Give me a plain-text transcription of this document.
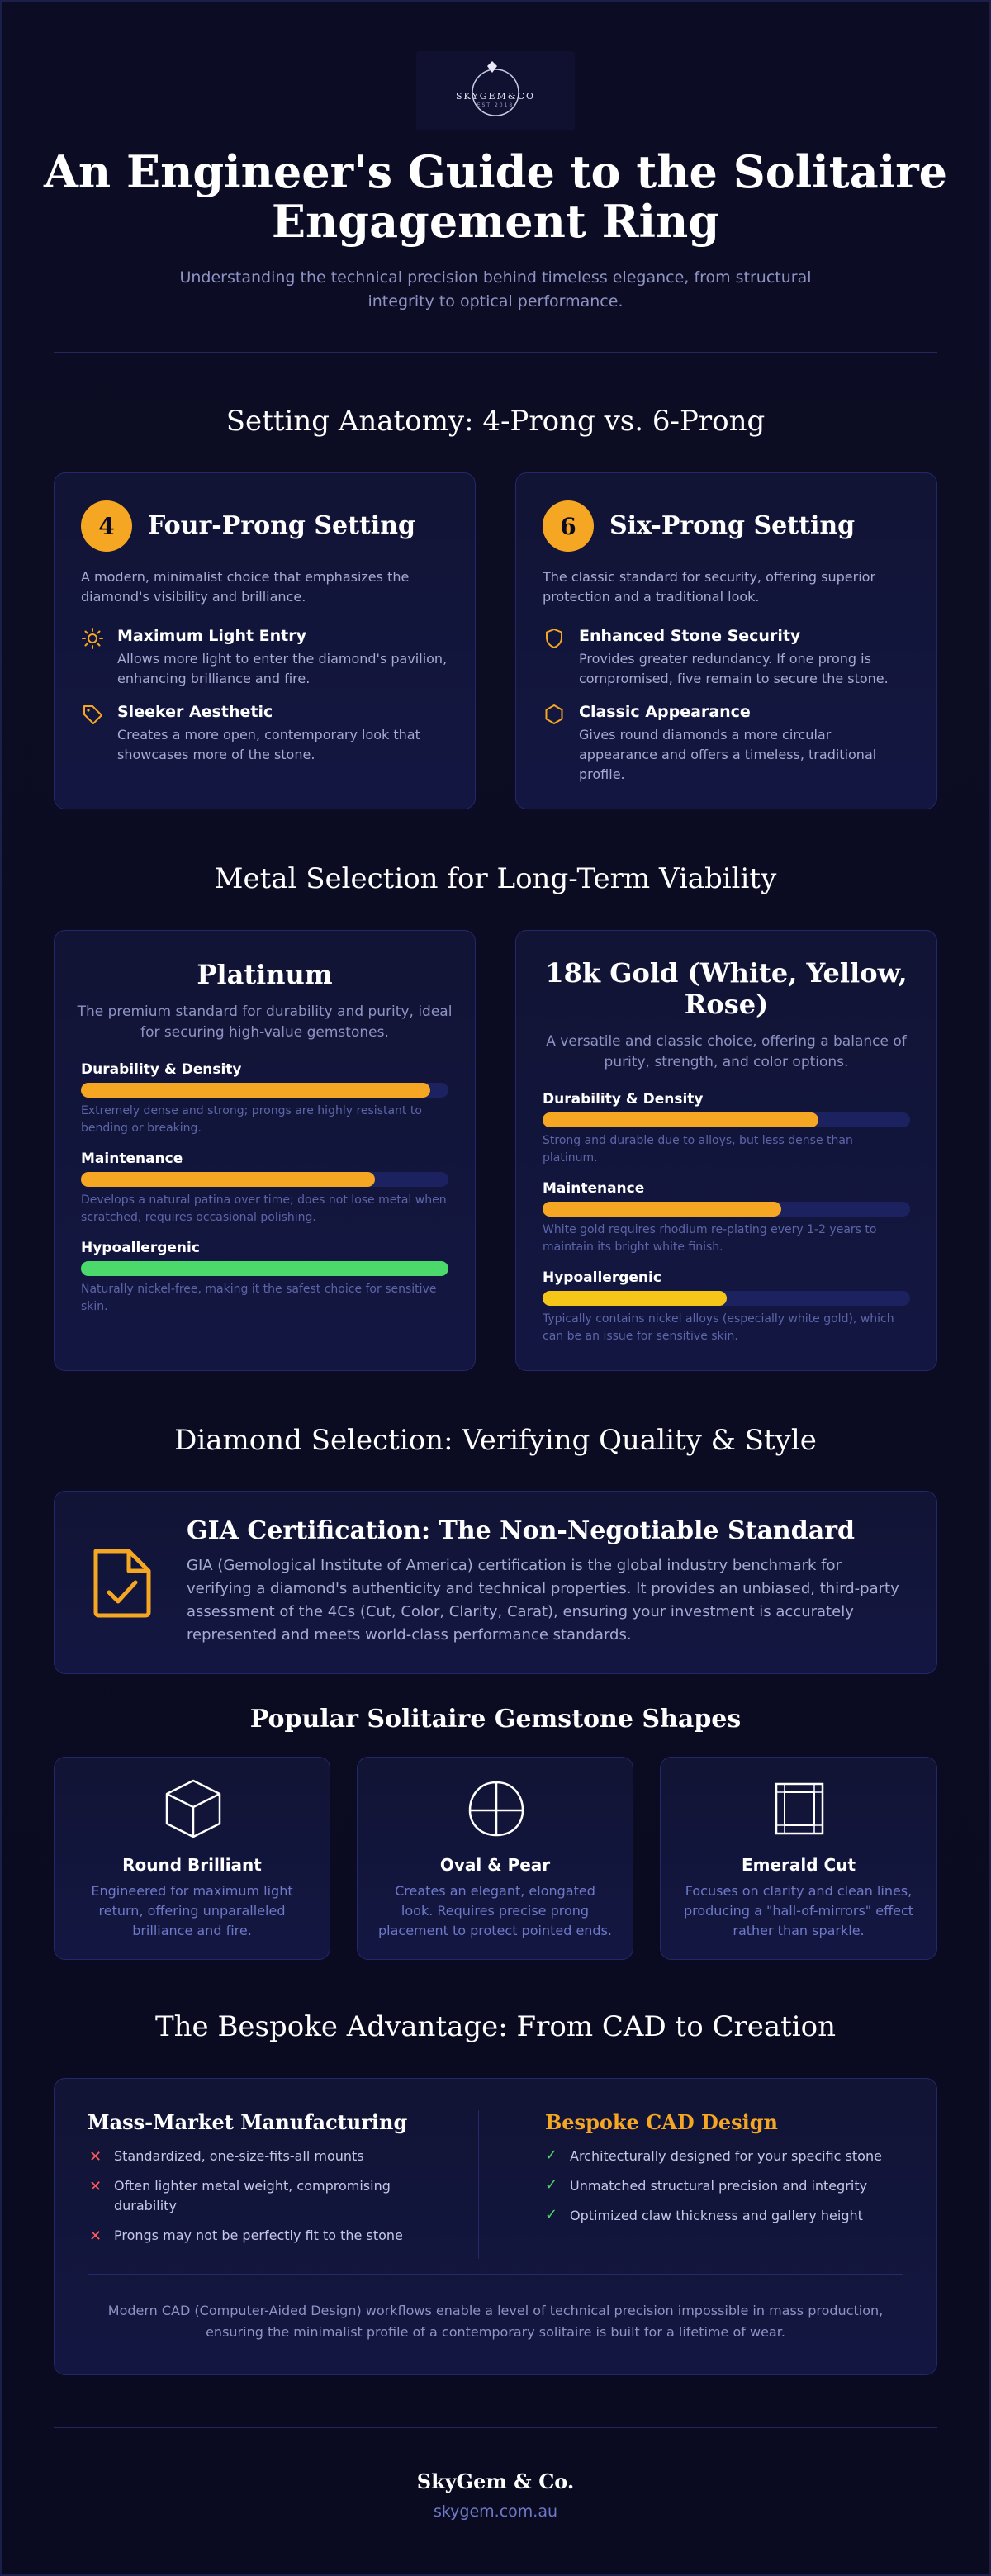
SKYGEM&CO
EST 2018
An Engineer's Guide to the Solitaire
Engagement Ring
Understanding the technical precision behind timeless elegance, from structural
integrity to optical performance.
Setting Anatomy: 4-Prong vs. 6-Prong
4	Four-Prong Setting
A modern, minimalist choice that emphasizes the
diamond's visibility and brilliance.
Maximum Light Entry
Allows more light to enter the diamond's pavilion,
enhancing brilliance and fire.
Sleeker Aesthetic
Creates a more open, contemporary look that
showcases more of the stone.
6	Six-Prong Setting
The classic standard for security, offering superior
protection and a traditional look.
Enhanced Stone Security
Provides greater redundancy. If one prong is
compromised, five remain to secure the stone.
Classic Appearance
Gives round diamonds a more circular
appearance and offers a timeless, traditional
profile.
Metal Selection for Long-Term Viability
Platinum
The premium standard for durability and purity, ideal
for securing high-value gemstones.
Durability & Density
Extremely dense and strong; prongs are highly resistant to
bending or breaking.
Maintenance
Develops a natural patina over time; does not lose metal when
scratched, requires occasional polishing.
Hypoallergenic
Naturally nickel-free, making it the safest choice for sensitive
skin.
18k Gold (White, Yellow,
Rose)
A versatile and classic choice, offering a balance of
purity, strength, and color options.
Durability & Density
Strong and durable due to alloys, but less dense than
platinum.
Maintenance
White gold requires rhodium re-plating every 1-2 years to
maintain its bright white finish.
Hypoallergenic
Typically contains nickel alloys (especially white gold), which
can be an issue for sensitive skin.
Diamond Selection: Verifying Quality & Style
GIA Certification: The Non-Negotiable Standard
GIA (Gemological Institute of America) certification is the global industry benchmark for
verifying a diamond's authenticity and technical properties. It provides an unbiased, third-party
assessment of the 4Cs (Cut, Color, Clarity, Carat), ensuring your investment is accurately
represented and meets world-class performance standards.
Popular Solitaire Gemstone Shapes
Round Brilliant
Engineered for maximum light
return, offering unparalleled
brilliance and fire.
Oval & Pear
Creates an elegant, elongated
look. Requires precise prong
placement to protect pointed ends.
Emerald Cut
Focuses on clarity and clean lines,
producing a "hall-of-mirrors" effect
rather than sparkle.
The Bespoke Advantage: From CAD to Creation
Mass-Market Manufacturing
✕ Standardized, one-size-fits-all mounts
✕ Often lighter metal weight, compromising
durability
✕ Prongs may not be perfectly fit to the stone
Bespoke CAD Design
✓ Architecturally designed for your specific stone
✓ Unmatched structural precision and integrity
✓ Optimized claw thickness and gallery height
Modern CAD (Computer-Aided Design) workflows enable a level of technical precision impossible in mass production,
ensuring the minimalist profile of a contemporary solitaire is built for a lifetime of wear.
SkyGem & Co.
skygem.com.au
